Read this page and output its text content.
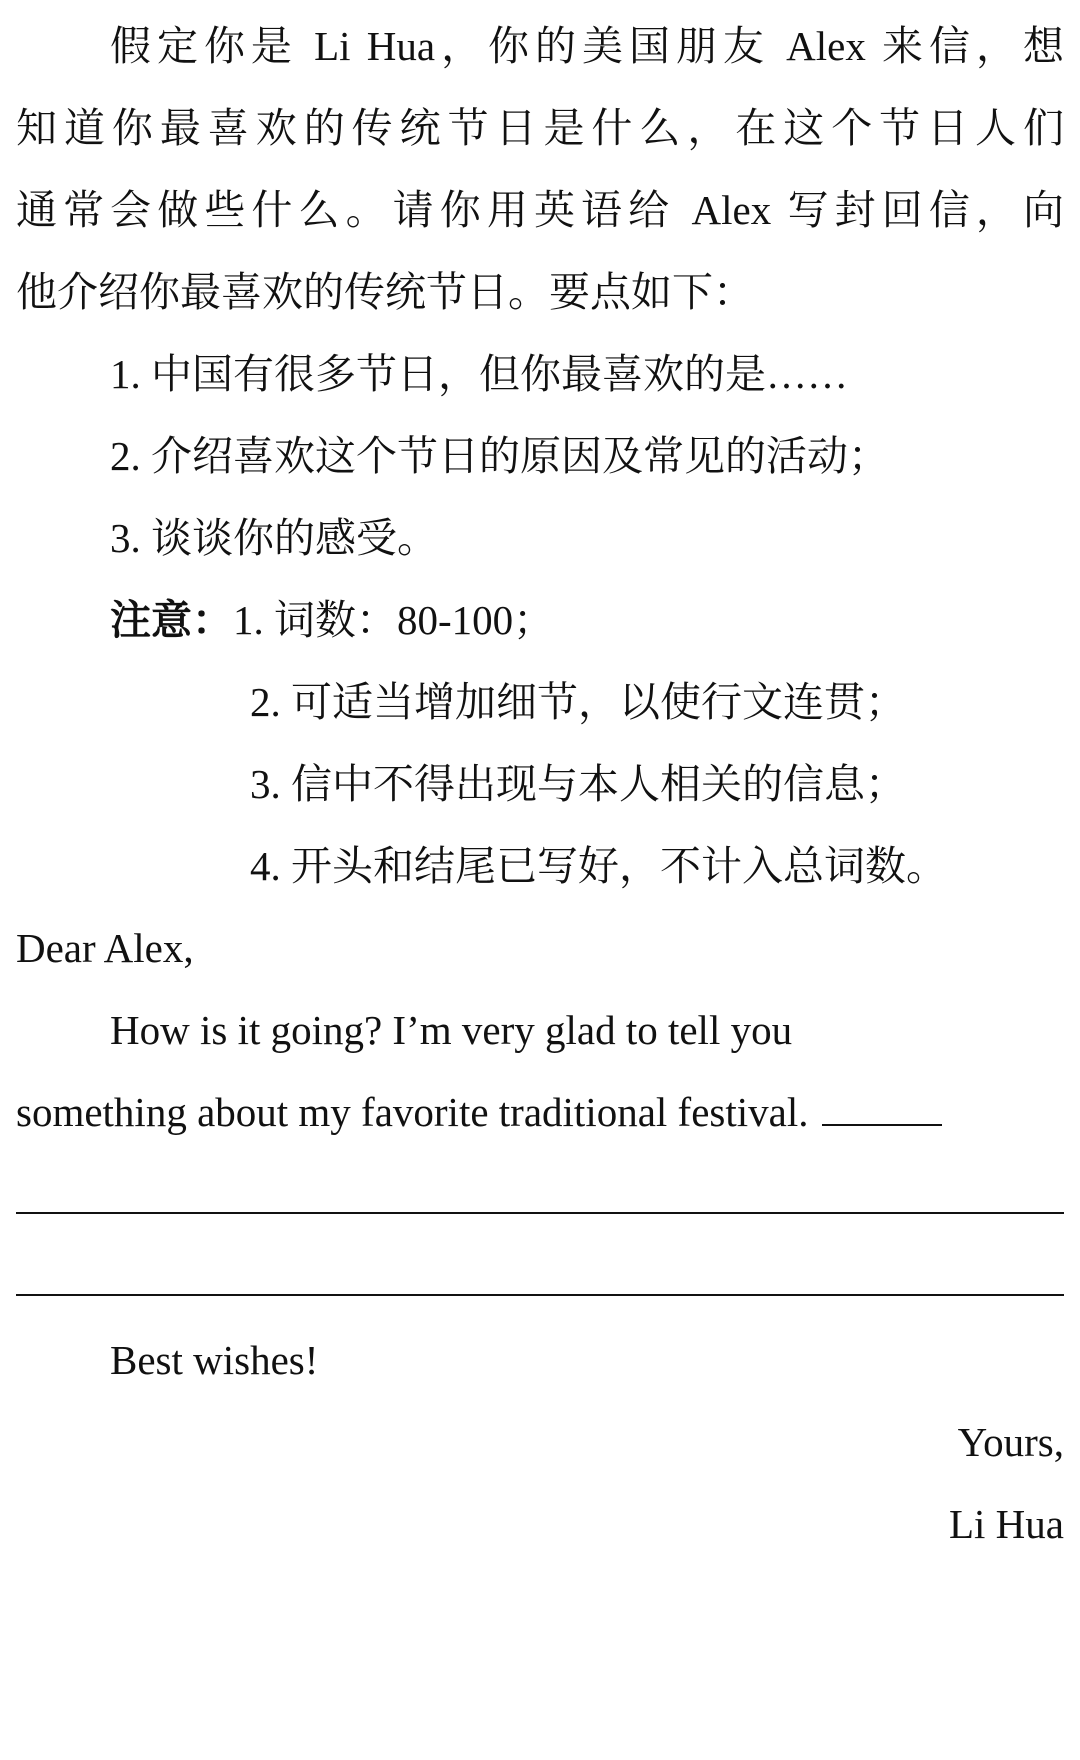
假定你是 Li Hua，你的美国朋友 Alex 来信，想
知道你最喜欢的传统节日是什么，在这个节日人们
通常会做些什么。请你用英语给 Alex 写封回信，向
他介绍你最喜欢的传统节日。要点如下：
1. 中国有很多节日，但你最喜欢的是……
2. 介绍喜欢这个节日的原因及常见的活动；
3. 谈谈你的感受。
注意：1. 词数：80-100；
2. 可适当增加细节，以使行文连贯；
3. 信中不得出现与本人相关的信息；
4. 开头和结尾已写好，不计入总词数。
Dear Alex,
How is it going? I’m very glad to tell you
something about my favorite traditional festival.
Best wishes!
Yours,
Li Hua
